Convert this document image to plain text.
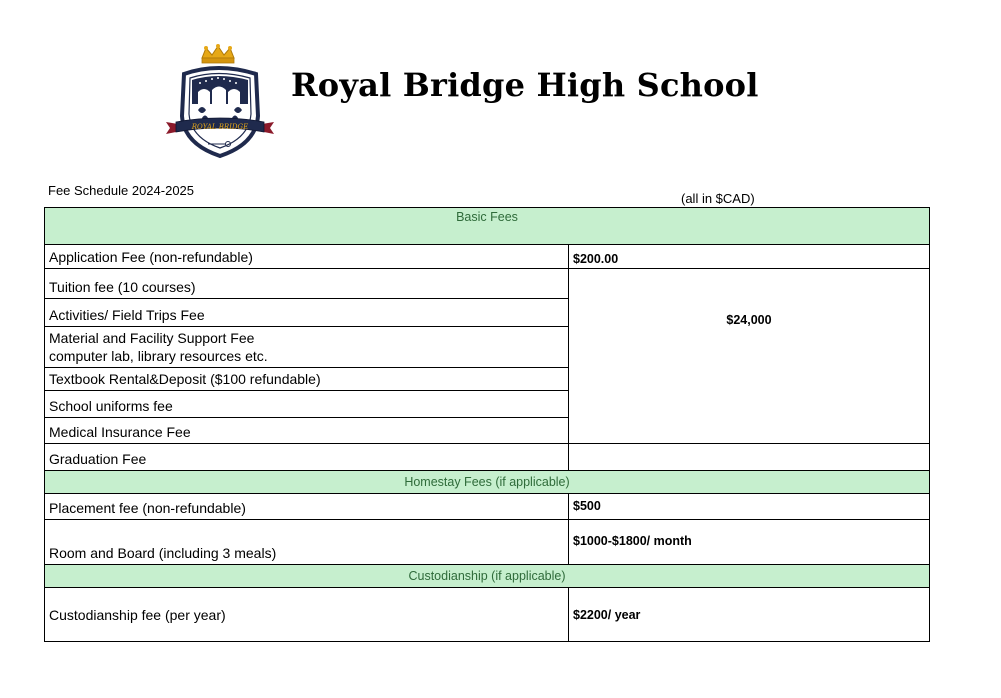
ROYAL BRIDGE
Royal Bridge High School
Fee Schedule 2024-2025
(all in $CAD)
Basic Fees	
Application Fee (non-refundable)	$200.00
Tuition fee (10 courses)	$24,000
Activities/ Field Trips Fee	

Material and Facility Support Fee
computer lab, library resources etc.	

Textbook Rental&Deposit ($100 refundable)	
School uniforms fee	
Medical Insurance Fee	
Graduation Fee	
Homestay Fees (if applicable)	
Placement fee (non-refundable)	$500
Room and Board (including 3 meals)	$1000-$1800/ month
Custodianship (if applicable)	
Custodianship fee (per year)	$2200/ year
